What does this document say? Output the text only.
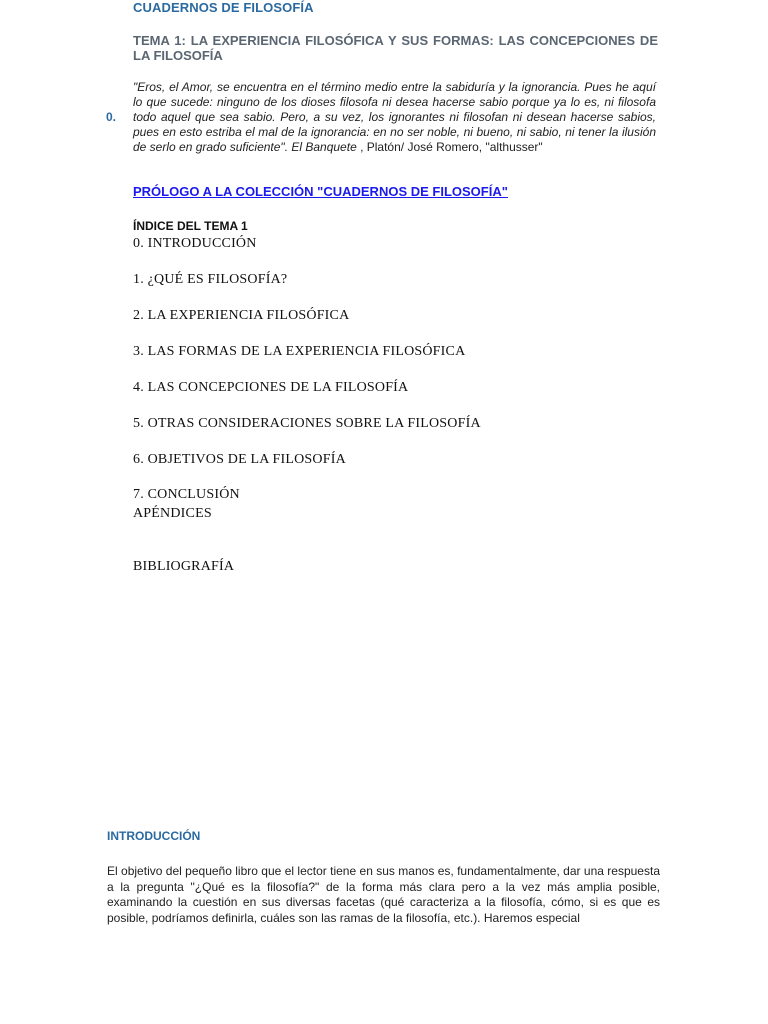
CUADERNOS DE FILOSOFÍA
TEMA 1: LA EXPERIENCIA FILOSÓFICA Y SUS FORMAS: LAS CONCEPCIONES DE LA FILOSOFÍA
0.
"Eros, el Amor, se encuentra en el término medio entre la sabiduría y la ignorancia. Pues he aquí lo que sucede: ninguno de los dioses filosofa ni desea hacerse sabio porque ya lo es, ni filosofa todo aquel que sea sabio. Pero, a su vez, los ignorantes ni filosofan ni desean hacerse sabios, pues en esto estriba el mal de la ignorancia: en no ser noble, ni bueno, ni sabio, ni tener la ilusión de serlo en grado suficiente". El Banquete , Platón/ José Romero, "althusser"
PRÓLOGO A LA COLECCIÓN "CUADERNOS DE FILOSOFÍA"
ÍNDICE DEL TEMA 1
0. INTRODUCCIÓN
1. ¿QUÉ ES FILOSOFÍA?
2. LA EXPERIENCIA FILOSÓFICA
3. LAS FORMAS DE LA EXPERIENCIA FILOSÓFICA
4. LAS CONCEPCIONES DE LA FILOSOFÍA
5. OTRAS CONSIDERACIONES SOBRE LA FILOSOFÍA
6. OBJETIVOS DE LA FILOSOFÍA
7. CONCLUSIÓN
APÉNDICES
BIBLIOGRAFÍA
INTRODUCCIÓN
El objetivo del pequeño libro que el lector tiene en sus manos es, fundamentalmente, dar una respuesta a la pregunta "¿Qué es la filosofía?" de la forma más clara pero a la vez más amplia posible, examinando la cuestión en sus diversas facetas (qué caracteriza a la filosofía, cómo, si es que es posible, podríamos definirla, cuáles son las ramas de la filosofía, etc.). Haremos especial
